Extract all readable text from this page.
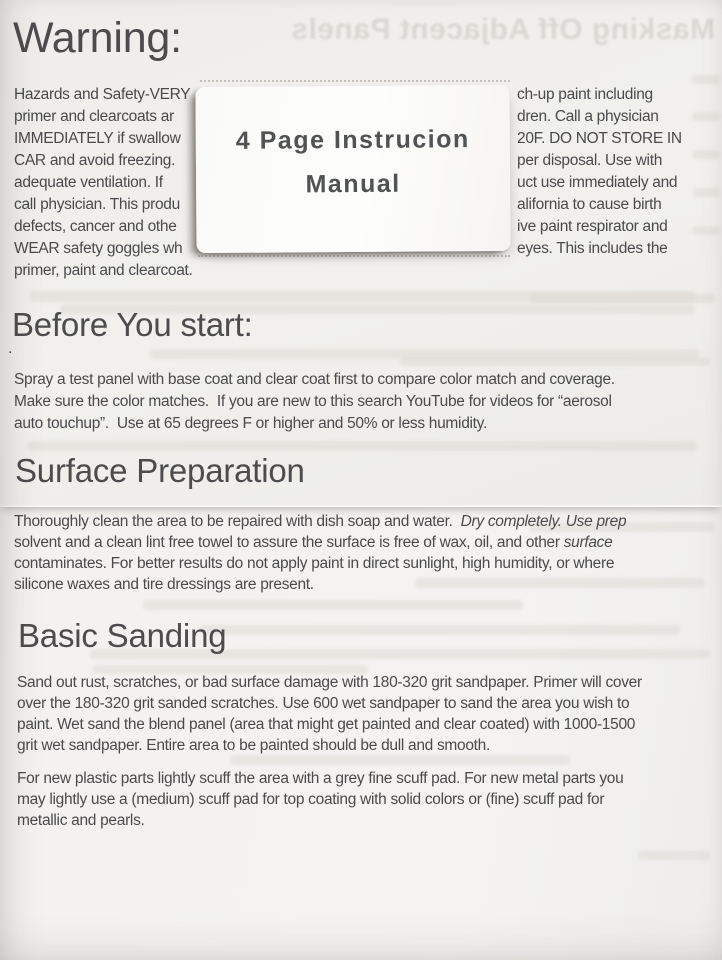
Thoroughly clean the area to be repaired with dish soap and water.  Dry completely. Use prep
solvent and a clean lint free towel to assure the surface is free of wax, oil, and other surface
contaminates. For better results do not apply paint in direct sunlight, high humidity, or where
silicone waxes and tire dressings are present.
Basic Sanding
Sand out rust, scratches, or bad surface damage with 180-320 grit sandpaper. Primer will cover
over the 180-320 grit sanded scratches. Use 600 wet sandpaper to sand the area you wish to
paint. Wet sand the blend panel (area that might get painted and clear coated) with 1000-1500
grit wet sandpaper. Entire area to be painted should be dull and smooth.
For new plastic parts lightly scuff the area with a grey fine scuff pad. For new metal parts you
may lightly use a (medium) scuff pad for top coating with solid colors or (fine) scuff pad for
metallic and pearls.
Masking Off Adjacent Panels
Warning:
Hazards and Safety-VERY	ch-up paint including
primer and clearcoats ar	dren. Call a physician
IMMEDIATELY if swallow	20F. DO NOT STORE IN
CAR and avoid freezing.	per disposal. Use with
adequate ventilation. If	uct use immediately and
call physician. This produ	alifornia to cause birth
defects, cancer and othe	ive paint respirator and
WEAR safety goggles wh	eyes. This includes the
primer, paint and clearcoat.
Before You start:
.
Spray a test panel with base coat and clear coat first to compare color match and coverage.
Make sure the color matches.  If you are new to this search YouTube for videos for “aerosol
auto touchup”.  Use at 65 degrees F or higher and 50% or less humidity.
Surface Preparation
4 Page Instrucion
Manual
